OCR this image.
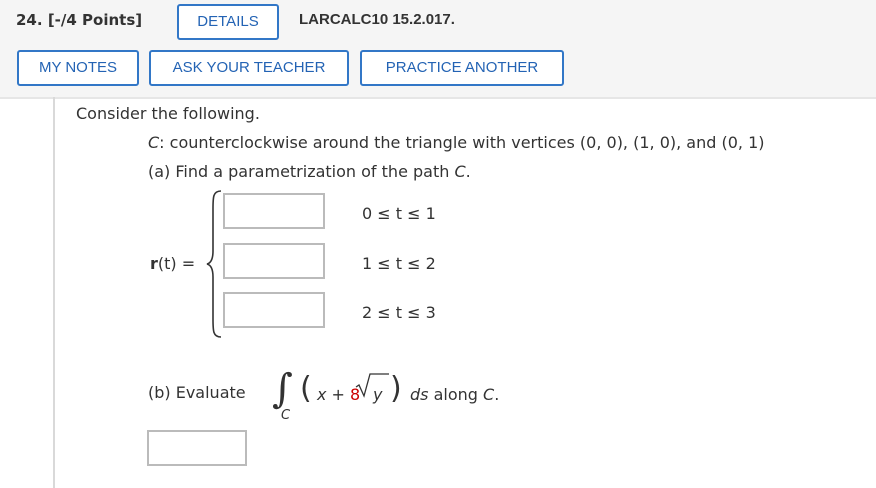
24. [-/4 Points]	DETAILS	LARCALC10 15.2.017.
MY NOTES	ASK YOUR TEACHER	PRACTICE ANOTHER
Consider the following.
C: counterclockwise around the triangle with vertices (0, 0), (1, 0), and (0, 1)
(a) Find a parametrization of the path C.
r(t) =
0 ≤ t ≤ 1
1 ≤ t ≤ 2
2 ≤ t ≤ 3
(b) Evaluate ∫
C
( x + 8 y ) ds along C.
